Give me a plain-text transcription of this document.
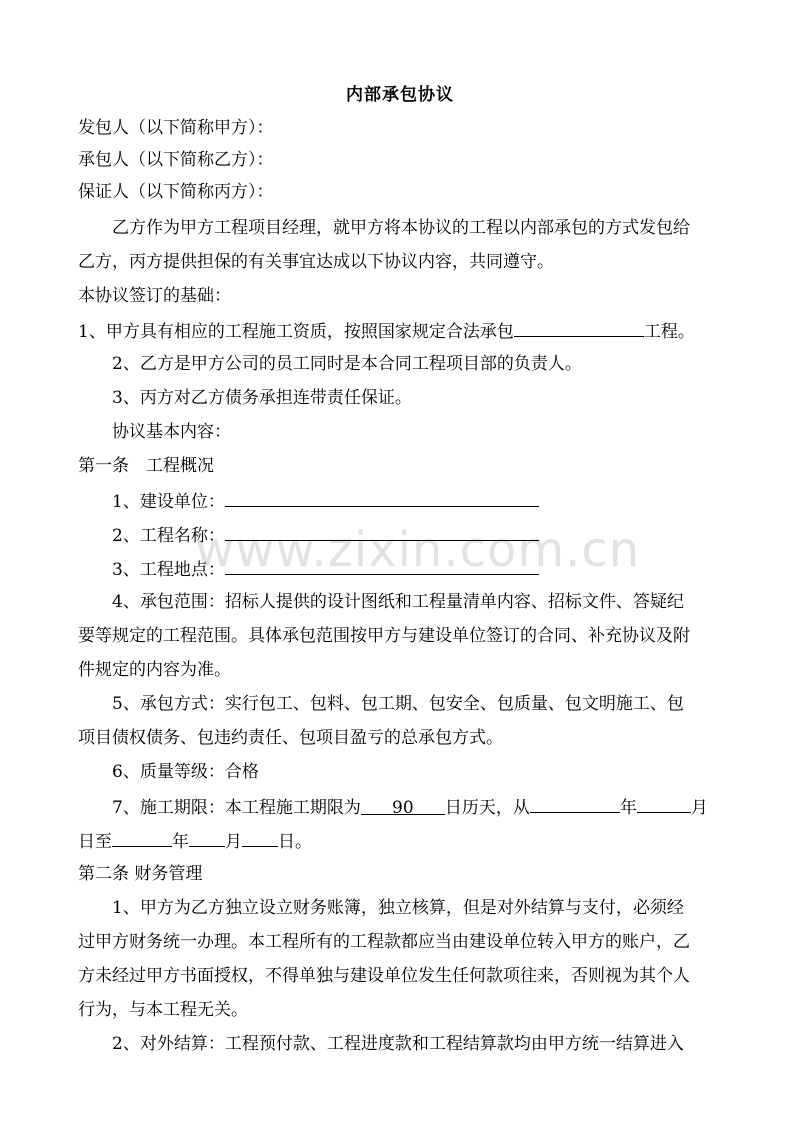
www.zixin.com.cn
内部承包协议
发包人（以下简称甲方）：
承包人（以下简称乙方）：
保证人（以下简称丙方）：
乙方作为甲方工程项目经理，就甲方将本协议的工程以内部承包的方式发包给
乙方，丙方提供担保的有关事宜达成以下协议内容，共同遵守。
本协议签订的基础：
1、甲方具有相应的工程施工资质，按照国家规定合法承包	工程。
2、乙方是甲方公司的员工同时是本合同工程项目部的负责人。
3、丙方对乙方债务承担连带责任保证。
协议基本内容：
第一条　工程概况
1、建设单位：
2、工程名称：
3、工程地点：
4、承包范围：招标人提供的设计图纸和工程量清单内容、招标文件、答疑纪
要等规定的工程范围。具体承包范围按甲方与建设单位签订的合同、补充协议及附
件规定的内容为准。
5、承包方式：实行包工、包料、包工期、包安全、包质量、包文明施工、包
项目债权债务、包违约责任、包项目盈亏的总承包方式。
6、质量等级：合格
7、施工期限：本工程施工期限为 90 日历天，从	年	月
日至	年 月 日。
第二条 财务管理
1、甲方为乙方独立设立财务账簿，独立核算，但是对外结算与支付，必须经
过甲方财务统一办理。本工程所有的工程款都应当由建设单位转入甲方的账户，乙
方未经过甲方书面授权，不得单独与建设单位发生任何款项往来，否则视为其个人
行为，与本工程无关。
2、对外结算：工程预付款、工程进度款和工程结算款均由甲方统一结算进入
